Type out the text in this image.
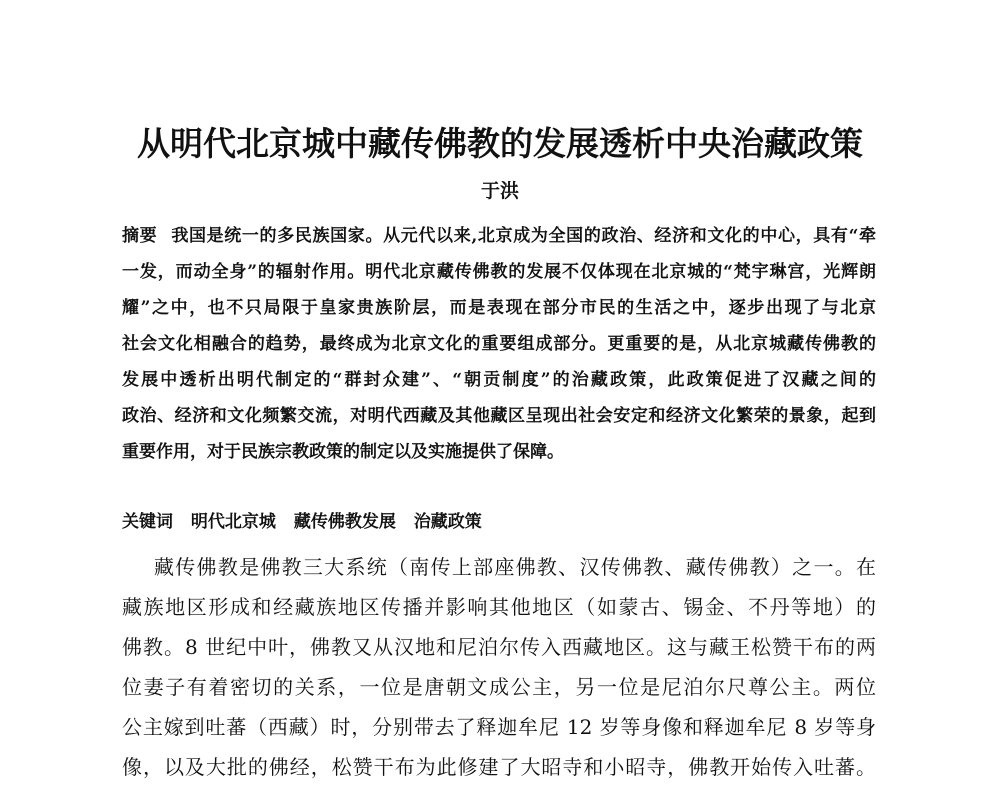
从明代北京城中藏传佛教的发展透析中央治藏政策
于洪
摘要 我国是统一的多民族国家。从元代以来,北京成为全国的政治、经济和文化的中心，具有“牵
一发，而动全身”的辐射作用。明代北京藏传佛教的发展不仅体现在北京城的“梵宇琳宫，光辉朗
耀”之中，也不只局限于皇家贵族阶层，而是表现在部分市民的生活之中，逐步出现了与北京
社会文化相融合的趋势，最终成为北京文化的重要组成部分。更重要的是，从北京城藏传佛教的
发展中透析出明代制定的“群封众建”、“朝贡制度”的治藏政策，此政策促进了汉藏之间的
政治、经济和文化频繁交流，对明代西藏及其他藏区呈现出社会安定和经济文化繁荣的景象，起到
重要作用，对于民族宗教政策的制定以及实施提供了保障。
关键词 明代北京城 藏传佛教发展 治藏政策
藏传佛教是佛教三大系统（南传上部座佛教、汉传佛教、藏传佛教）之一。在
藏族地区形成和经藏族地区传播并影响其他地区（如蒙古、锡金、不丹等地）的
佛教。8 世纪中叶，佛教又从汉地和尼泊尔传入西藏地区。这与藏王松赞干布的两
位妻子有着密切的关系，一位是唐朝文成公主，另一位是尼泊尔尺尊公主。两位
公主嫁到吐蕃（西藏）时，分别带去了释迦牟尼 12 岁等身像和释迦牟尼 8 岁等身
像，以及大批的佛经，松赞干布为此修建了大昭寺和小昭寺，佛教开始传入吐蕃。
